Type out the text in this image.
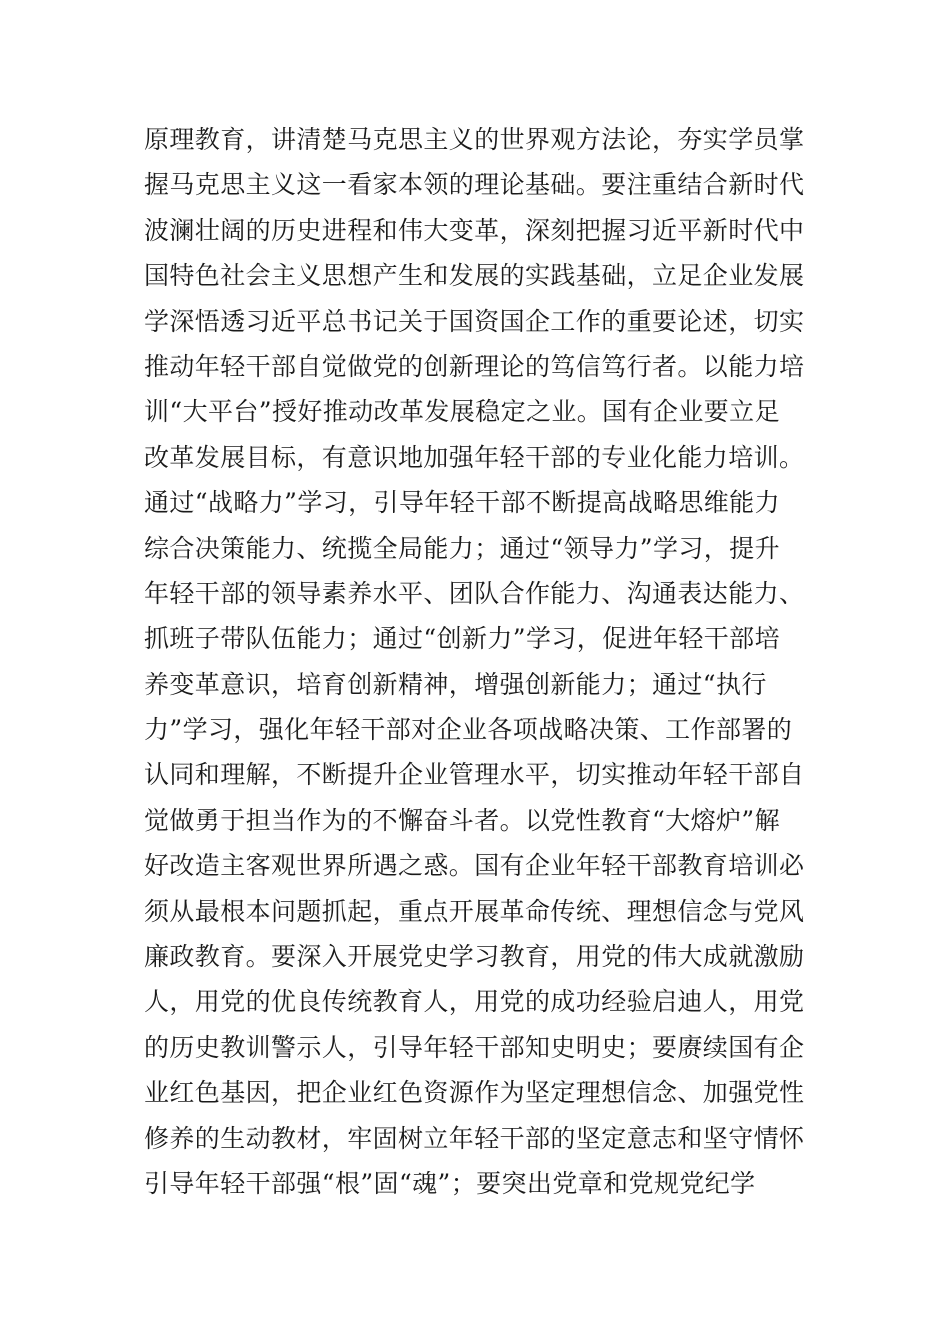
原理教育，讲清楚马克思主义的世界观方法论，夯实学员掌
握马克思主义这一看家本领的理论基础。要注重结合新时代
波澜壮阔的历史进程和伟大变革，深刻把握习近平新时代中
国特色社会主义思想产生和发展的实践基础，立足企业发展
学深悟透习近平总书记关于国资国企工作的重要论述，切实
推动年轻干部自觉做党的创新理论的笃信笃行者。以能力培
训“大平台”授好推动改革发展稳定之业。国有企业要立足
改革发展目标，有意识地加强年轻干部的专业化能力培训。
通过“战略力”学习，引导年轻干部不断提高战略思维能力
综合决策能力、统揽全局能力；通过“领导力”学习，提升
年轻干部的领导素养水平、团队合作能力、沟通表达能力、
抓班子带队伍能力；通过“创新力”学习，促进年轻干部培
养变革意识，培育创新精神，增强创新能力；通过“执行
力”学习，强化年轻干部对企业各项战略决策、工作部署的
认同和理解，不断提升企业管理水平，切实推动年轻干部自
觉做勇于担当作为的不懈奋斗者。以党性教育“大熔炉”解
好改造主客观世界所遇之惑。国有企业年轻干部教育培训必
须从最根本问题抓起，重点开展革命传统、理想信念与党风
廉政教育。要深入开展党史学习教育，用党的伟大成就激励
人，用党的优良传统教育人，用党的成功经验启迪人，用党
的历史教训警示人，引导年轻干部知史明史；要赓续国有企
业红色基因，把企业红色资源作为坚定理想信念、加强党性
修养的生动教材，牢固树立年轻干部的坚定意志和坚守情怀
引导年轻干部强“根”固“魂”；要突出党章和党规党纪学
